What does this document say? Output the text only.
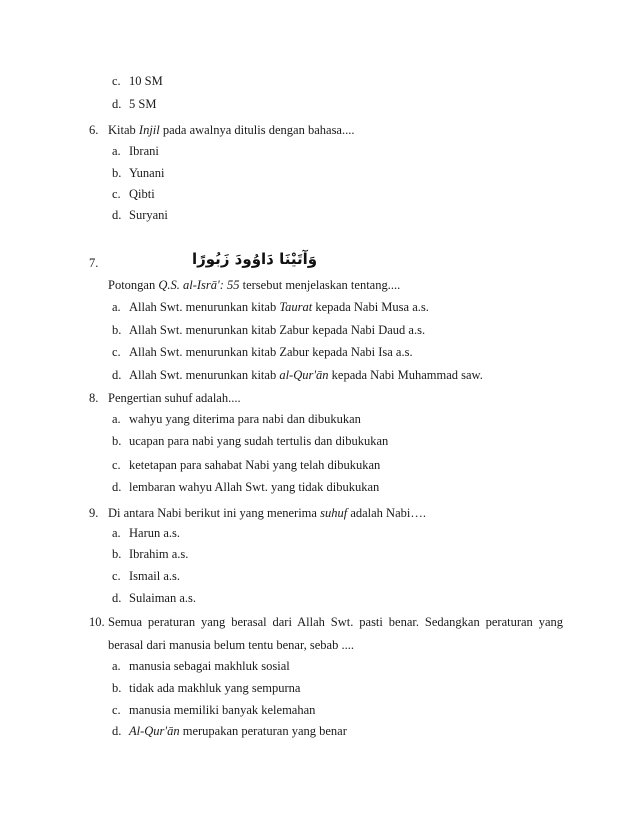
c. 10 SM
d. 5 SM
6. Kitab Injil pada awalnya ditulis dengan bahasa....
a. Ibrani
b. Yunani
c. Qibti
d. Suryani
7.	وَآتَيْنَا دَاوُودَ زَبُورًا
Potongan Q.S. al-Isrā': 55 tersebut menjelaskan tentang....
a. Allah Swt. menurunkan kitab Taurat kepada Nabi Musa a.s.
b. Allah Swt. menurunkan kitab Zabur kepada Nabi Daud a.s.
c. Allah Swt. menurunkan kitab Zabur kepada Nabi Isa a.s.
d. Allah Swt. menurunkan kitab al-Qur'ān kepada Nabi Muhammad saw.
8. Pengertian suhuf adalah....
a. wahyu yang diterima para nabi dan dibukukan
b. ucapan para nabi yang sudah tertulis dan dibukukan
c. ketetapan para sahabat Nabi yang telah dibukukan
d. lembaran wahyu Allah Swt. yang tidak dibukukan
9. Di antara Nabi berikut ini yang menerima suhuf adalah Nabi….
a. Harun a.s.
b. Ibrahim a.s.
c. Ismail a.s.
d. Sulaiman a.s.
10. Semua peraturan yang berasal dari Allah Swt. pasti benar. Sedangkan peraturan yang
berasal dari manusia belum tentu benar, sebab ....
a. manusia sebagai makhluk sosial
b. tidak ada makhluk yang sempurna
c. manusia memiliki banyak kelemahan
d. Al-Qur'ān merupakan peraturan yang benar
